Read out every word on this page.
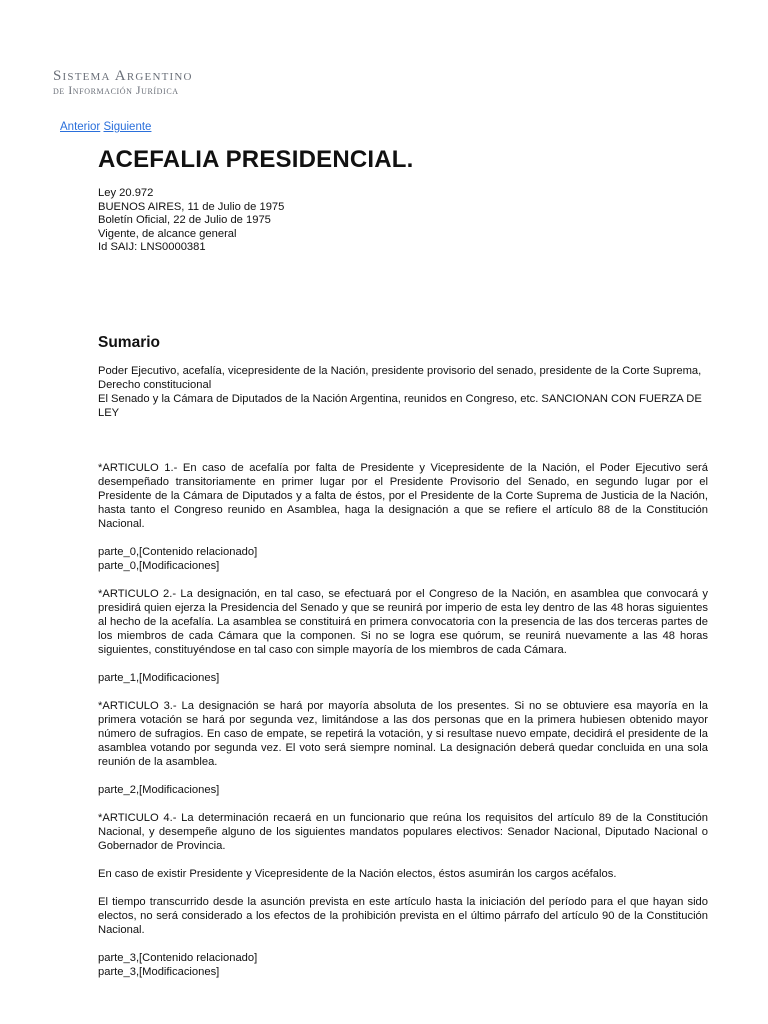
Sistema Argentino
de Información Jurídica
Anterior Siguiente
ACEFALIA PRESIDENCIAL.
Ley 20.972
BUENOS AIRES, 11 de Julio de 1975
Boletín Oficial, 22 de Julio de 1975
Vigente, de alcance general
Id SAIJ: LNS0000381
Sumario

Poder Ejecutivo, acefalía, vicepresidente de la Nación, presidente provisorio del senado, presidente de la Corte Suprema, Derecho constitucional

El Senado y la Cámara de Diputados de la Nación Argentina, reunidos en Congreso, etc. SANCIONAN CON FUERZA DE LEY

*ARTICULO 1.- En caso de acefalía por falta de Presidente y Vicepresidente de la Nación, el Poder Ejecutivo será desempeñado transitoriamente en primer lugar por el Presidente Provisorio del Senado, en segundo lugar por el Presidente de la Cámara de Diputados y a falta de éstos, por el Presidente de la Corte Suprema de Justicia de la Nación, hasta tanto el Congreso reunido en Asamblea, haga la designación a que se refiere el artículo 88 de la Constitución Nacional.

parte_0,[Contenido relacionado]

parte_0,[Modificaciones]

*ARTICULO 2.- La designación, en tal caso, se efectuará por el Congreso de la Nación, en asamblea que convocará y presidirá quien ejerza la Presidencia del Senado y que se reunirá por imperio de esta ley dentro de las 48 horas siguientes al hecho de la acefalía. La asamblea se constituirá en primera convocatoria con la presencia de las dos terceras partes de los miembros de cada Cámara que la componen. Si no se logra ese quórum, se reunirá nuevamente a las 48 horas siguientes, constituyéndose en tal caso con simple mayoría de los miembros de cada Cámara.

parte_1,[Modificaciones]

*ARTICULO 3.- La designación se hará por mayoría absoluta de los presentes. Si no se obtuviere esa mayoría en la primera votación se hará por segunda vez, limitándose a las dos personas que en la primera hubiesen obtenido mayor número de sufragios. En caso de empate, se repetirá la votación, y si resultase nuevo empate, decidirá el presidente de la asamblea votando por segunda vez. El voto será siempre nominal. La designación deberá quedar concluida en una sola reunión de la asamblea.

parte_2,[Modificaciones]

*ARTICULO 4.- La determinación recaerá en un funcionario que reúna los requisitos del artículo 89 de la Constitución Nacional, y desempeñe alguno de los siguientes mandatos populares electivos: Senador Nacional, Diputado Nacional o Gobernador de Provincia.

En caso de existir Presidente y Vicepresidente de la Nación electos, éstos asumirán los cargos acéfalos.

El tiempo transcurrido desde la asunción prevista en este artículo hasta la iniciación del período para el que hayan sido electos, no será considerado a los efectos de la prohibición prevista en el último párrafo del artículo 90 de la Constitución Nacional.

parte_3,[Contenido relacionado]

parte_3,[Modificaciones]
